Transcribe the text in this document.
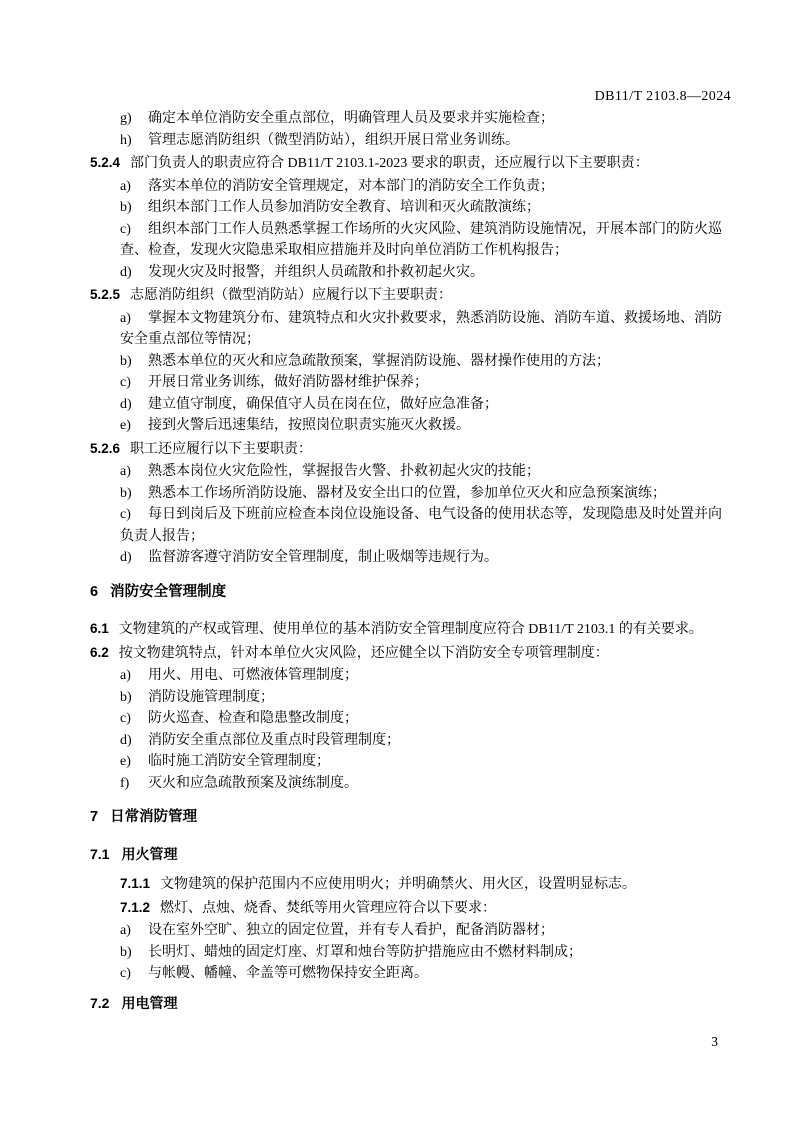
DB11/T 2103.8—2024
g) 确定本单位消防安全重点部位，明确管理人员及要求并实施检查；
h) 管理志愿消防组织（微型消防站），组织开展日常业务训练。
5.2.4 部门负责人的职责应符合 DB11/T 2103.1-2023 要求的职责，还应履行以下主要职责：
a) 落实本单位的消防安全管理规定，对本部门的消防安全工作负责；
b) 组织本部门工作人员参加消防安全教育、培训和灭火疏散演练；
c) 组织本部门工作人员熟悉掌握工作场所的火灾风险、建筑消防设施情况，开展本部门的防火巡查、检查，发现火灾隐患采取相应措施并及时向单位消防工作机构报告；
d) 发现火灾及时报警，并组织人员疏散和扑救初起火灾。
5.2.5 志愿消防组织（微型消防站）应履行以下主要职责：
a) 掌握本文物建筑分布、建筑特点和火灾扑救要求，熟悉消防设施、消防车道、救援场地、消防安全重点部位等情况；
b) 熟悉本单位的灭火和应急疏散预案，掌握消防设施、器材操作使用的方法；
c) 开展日常业务训练，做好消防器材维护保养；
d) 建立值守制度，确保值守人员在岗在位，做好应急准备；
e) 接到火警后迅速集结，按照岗位职责实施灭火救援。
5.2.6 职工还应履行以下主要职责：
a) 熟悉本岗位火灾危险性，掌握报告火警、扑救初起火灾的技能；
b) 熟悉本工作场所消防设施、器材及安全出口的位置，参加单位灭火和应急预案演练；
c) 每日到岗后及下班前应检查本岗位设施设备、电气设备的使用状态等，发现隐患及时处置并向负责人报告；
d) 监督游客遵守消防安全管理制度，制止吸烟等违规行为。
6 消防安全管理制度
6.1 文物建筑的产权或管理、使用单位的基本消防安全管理制度应符合 DB11/T 2103.1 的有关要求。
6.2 按文物建筑特点，针对本单位火灾风险，还应健全以下消防安全专项管理制度：
a) 用火、用电、可燃液体管理制度；
b) 消防设施管理制度；
c) 防火巡查、检查和隐患整改制度；
d) 消防安全重点部位及重点时段管理制度；
e) 临时施工消防安全管理制度；
f) 灭火和应急疏散预案及演练制度。
7 日常消防管理
7.1 用火管理
7.1.1 文物建筑的保护范围内不应使用明火；并明确禁火、用火区，设置明显标志。
7.1.2 燃灯、点烛、烧香、焚纸等用火管理应符合以下要求：
a) 设在室外空旷、独立的固定位置，并有专人看护，配备消防器材；
b) 长明灯、蜡烛的固定灯座、灯罩和烛台等防护措施应由不燃材料制成；
c) 与帐幔、幡幢、伞盖等可燃物保持安全距离。
7.2 用电管理
3
